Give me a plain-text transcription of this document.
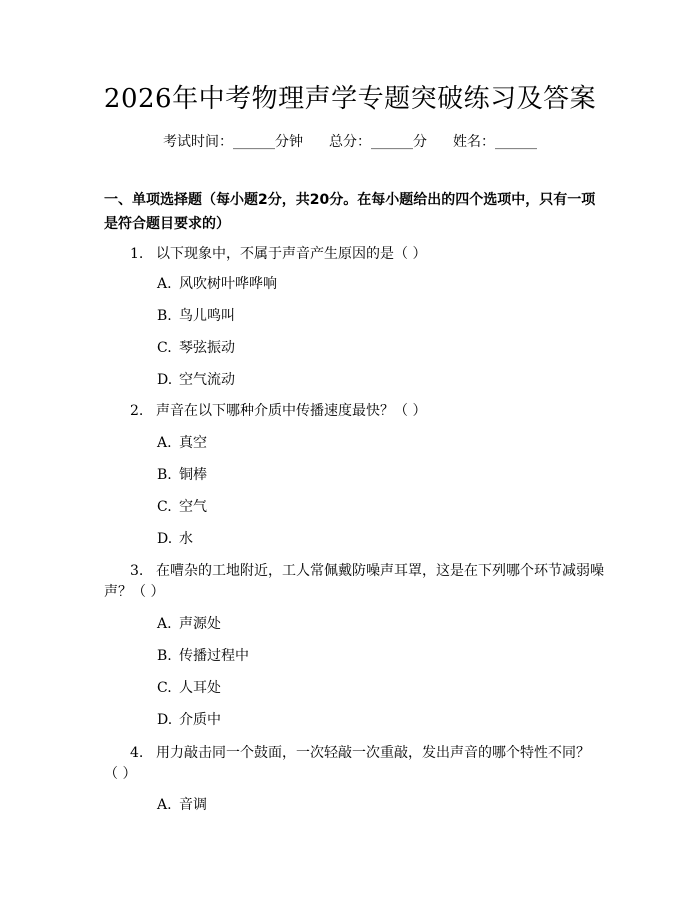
2026年中考物理声学专题突破练习及答案
考试时间：______分钟 总分：______分 姓名：______
一、单项选择题（每小题2分，共20分。在每小题给出的四个选项中，只有一项是符合题目要求的）
1. 以下现象中，不属于声音产生原因的是（ ）
A. 风吹树叶哗哗响
B. 鸟儿鸣叫
C. 琴弦振动
D. 空气流动
2. 声音在以下哪种介质中传播速度最快？（ ）
A. 真空
B. 铜棒
C. 空气
D. 水
3. 在嘈杂的工地附近，工人常佩戴防噪声耳罩，这是在下列哪个环节减弱噪
声？（ ）
A. 声源处
B. 传播过程中
C. 人耳处
D. 介质中
4. 用力敲击同一个鼓面，一次轻敲一次重敲，发出声音的哪个特性不同？
（ ）
A. 音调
